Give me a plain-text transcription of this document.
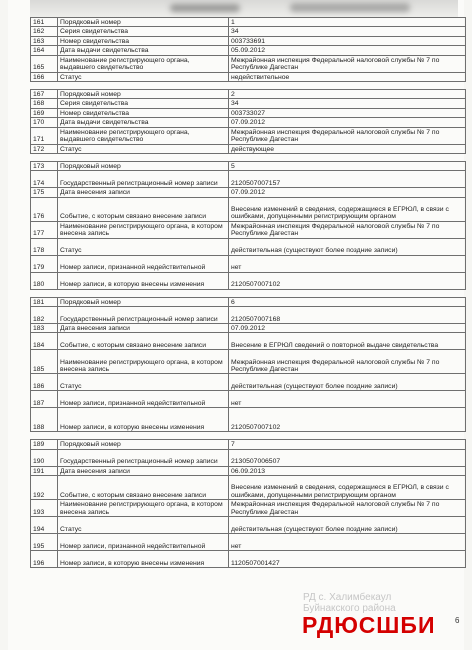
161	Порядковый номер	1
162	Серия свидетельства	34
163	Номер свидетельства	003733691
164	Дата выдачи свидетельства	05.09.2012
165	Наименование регистрирующего органа, выдавшего свидетельство	Межрайонная инспекция Федеральной налоговой службы № 7 по Республике Дагестан
166	Статус	недействительное

167	Порядковый номер	2
168	Серия свидетельства	34
169	Номер свидетельства	003733027
170	Дата выдачи свидетельства	07.09.2012
171	Наименование регистрирующего органа, выдавшего свидетельство	Межрайонная инспекция Федеральной налоговой службы № 7 по Республике Дагестан
172	Статус	действующее

173	Порядковый номер	5
174	Государственный регистрационный номер записи	2120507007157
175	Дата внесения записи	07.09.2012
176	Событие, с которым связано внесение записи	Внесение изменений в сведения, содержащиеся в ЕГРЮЛ, в связи с ошибками, допущенными регистрирующим органом
177	Наименование регистрирующего органа, в котором внесена запись	Межрайонная инспекция Федеральной налоговой службы № 7 по Республике Дагестан
178	Статус	действительная (существуют более поздние записи)
179	Номер записи, признанной недействительной	нет
180	Номер записи, в которую внесены изменения	2120507007102

181	Порядковый номер	6
182	Государственный регистрационный номер записи	2120507007168
183	Дата внесения записи	07.09.2012
184	Событие, с которым связано внесение записи	Внесение в ЕГРЮЛ сведений о повторной выдаче свидетельства
185	Наименование регистрирующего органа, в котором внесена запись	Межрайонная инспекция Федеральной налоговой службы № 7 по Республике Дагестан
186	Статус	действительная (существуют более поздние записи)
187	Номер записи, признанной недействительной	нет
188	Номер записи, в которую внесены изменения	2120507007102

189	Порядковый номер	7
190	Государственный регистрационный номер записи	2130507006507
191	Дата внесения записи	06.09.2013
192	Событие, с которым связано внесение записи	Внесение изменений в сведения, содержащиеся в ЕГРЮЛ, в связи с ошибками, допущенными регистрирующим органом
193	Наименование регистрирующего органа, в котором внесена запись	Межрайонная инспекция Федеральной налоговой службы № 7 по Республике Дагестан
194	Статус	действительная (существуют более поздние записи)
195	Номер записи, признанной недействительной	нет
196	Номер записи, в которую внесены изменения	1120507001427
РД с. Халимбекаул
Буйнакского района
РДЮСШБИ 6
